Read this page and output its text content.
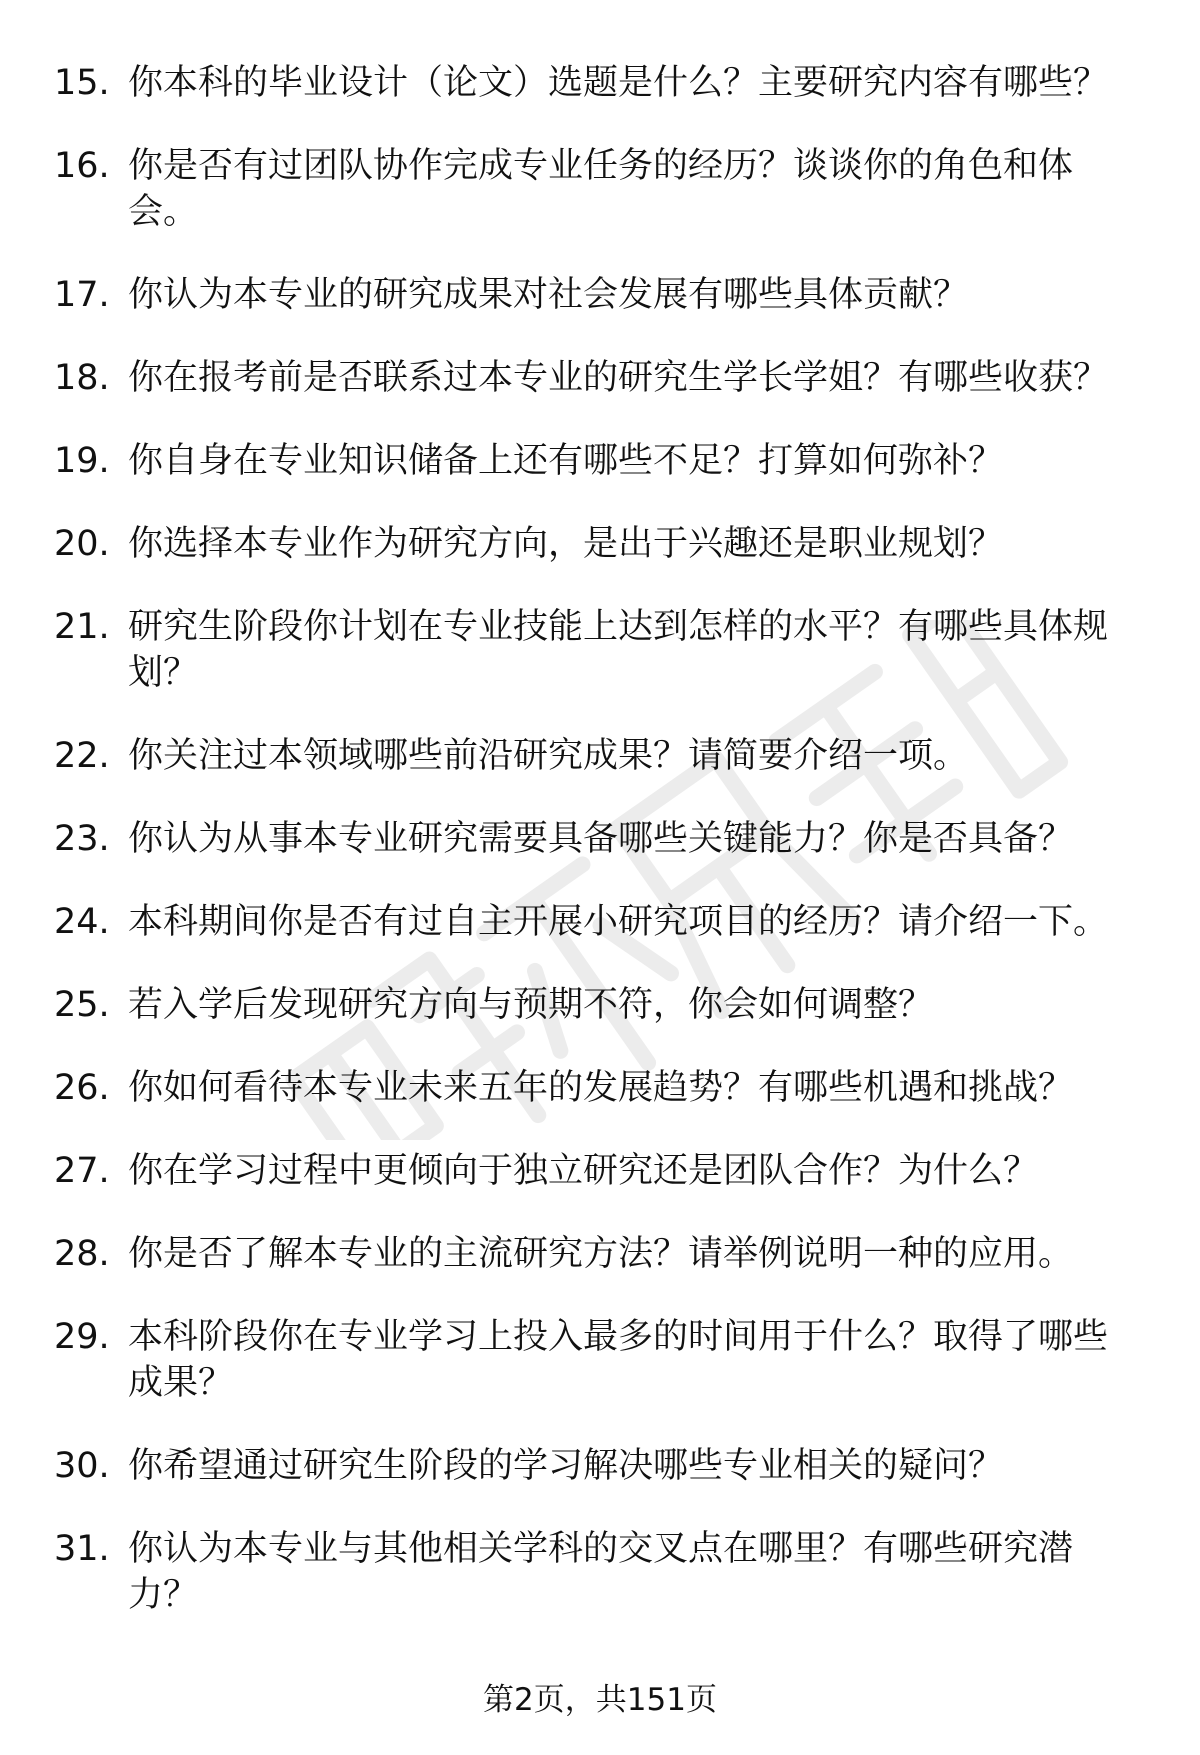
15. 你本科的毕业设计（论文）选题是什么？主要研究内容有哪些？
16. 你是否有过团队协作完成专业任务的经历？谈谈你的角色和体会。
17. 你认为本专业的研究成果对社会发展有哪些具体贡献？
18. 你在报考前是否联系过本专业的研究生学长学姐？有哪些收获？
19. 你自身在专业知识储备上还有哪些不足？打算如何弥补？
20. 你选择本专业作为研究方向，是出于兴趣还是职业规划？
21. 研究生阶段你计划在专业技能上达到怎样的水平？有哪些具体规划？
22. 你关注过本领域哪些前沿研究成果？请简要介绍一项。
23. 你认为从事本专业研究需要具备哪些关键能力？你是否具备？
24. 本科期间你是否有过自主开展小研究项目的经历？请介绍一下。
25. 若入学后发现研究方向与预期不符，你会如何调整？
26. 你如何看待本专业未来五年的发展趋势？有哪些机遇和挑战？
27. 你在学习过程中更倾向于独立研究还是团队合作？为什么？
28. 你是否了解本专业的主流研究方法？请举例说明一种的应用。
29. 本科阶段你在专业学习上投入最多的时间用于什么？取得了哪些成果？
30. 你希望通过研究生阶段的学习解决哪些专业相关的疑问？
31. 你认为本专业与其他相关学科的交叉点在哪里？有哪些研究潜力？
第2页，共151页
